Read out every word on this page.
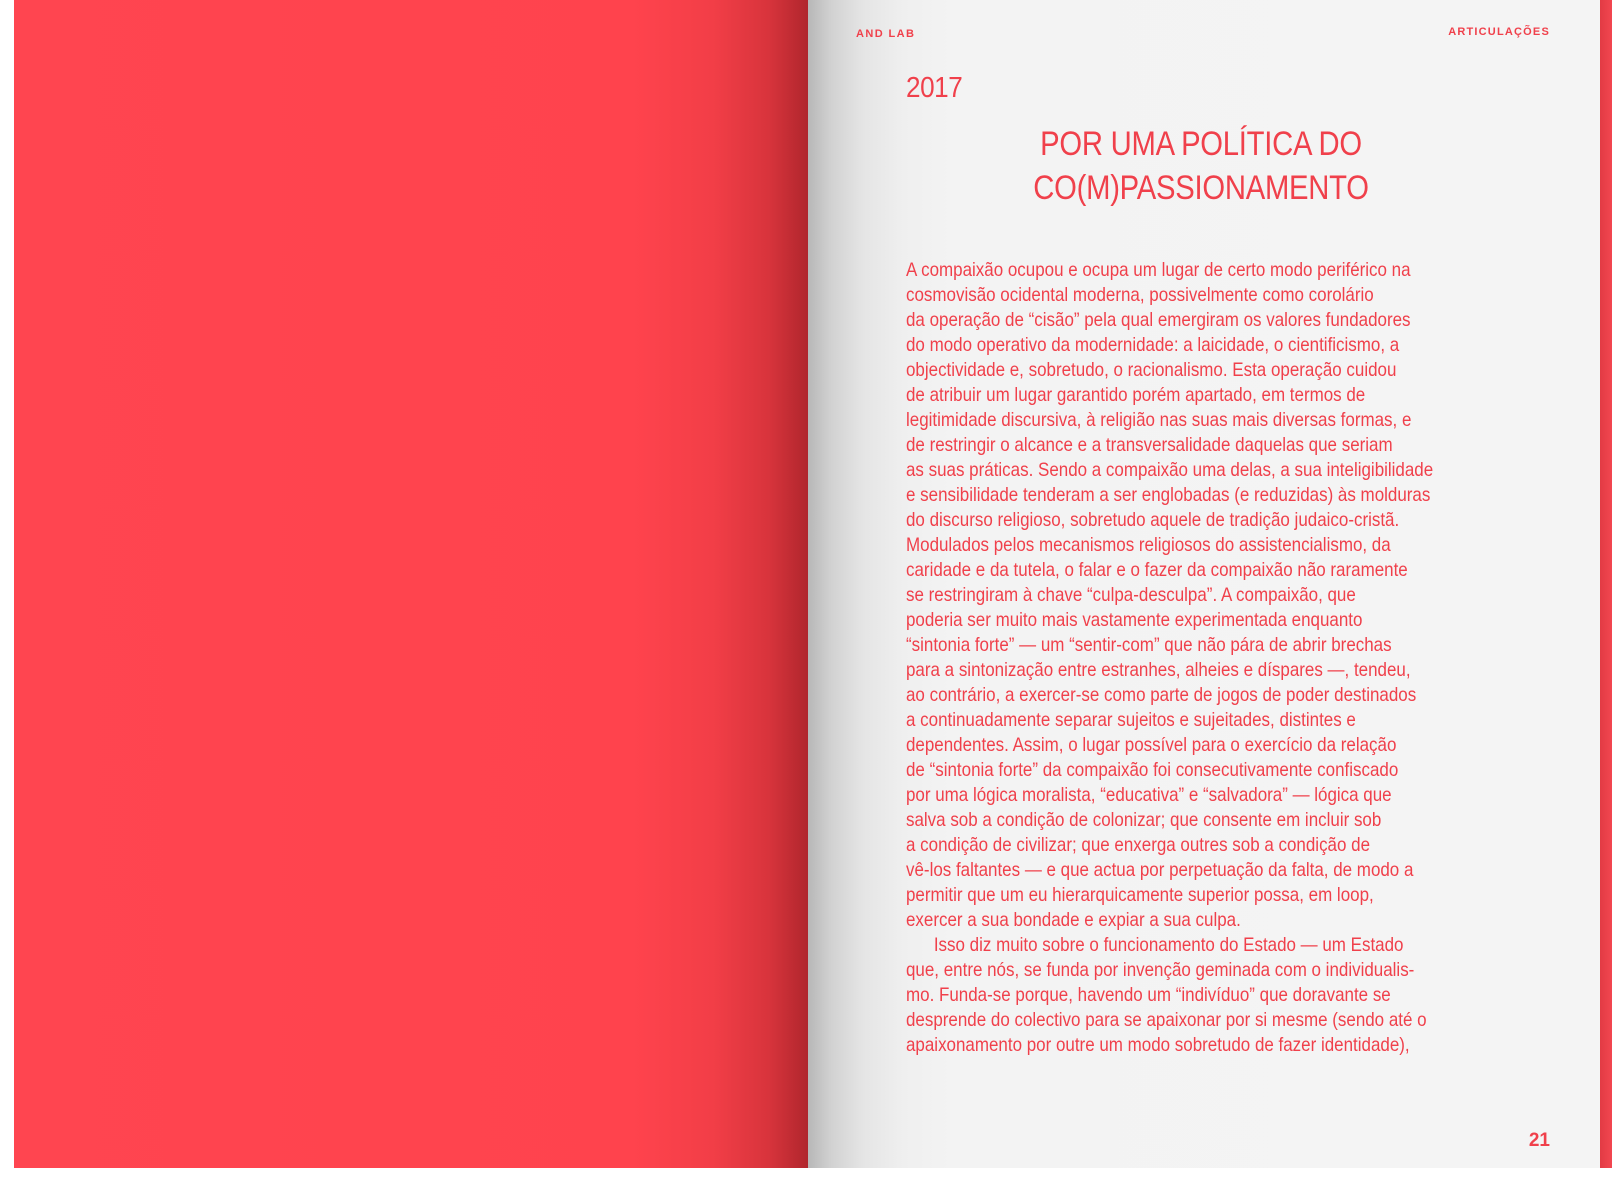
AND LAB	ARTICULAÇÕES
2017
POR UMA POLÍTICA DO
CO(M)PASSIONAMENTO
A compaixão ocupou e ocupa um lugar de certo modo periférico na
cosmovisão ocidental moderna, possivelmente como corolário
da operação de “cisão” pela qual emergiram os valores fundadores
do modo operativo da modernidade: a laicidade, o cientificismo, a
objectividade e, sobretudo, o racionalismo. Esta operação cuidou
de atribuir um lugar garantido porém apartado, em termos de
legitimidade discursiva, à religião nas suas mais diversas formas, e
de restringir o alcance e a transversalidade daquelas que seriam
as suas práticas. Sendo a compaixão uma delas, a sua inteligibilidade
e sensibilidade tenderam a ser englobadas (e reduzidas) às molduras
do discurso religioso, sobretudo aquele de tradição judaico-cristã.
Modulados pelos mecanismos religiosos do assistencialismo, da
caridade e da tutela, o falar e o fazer da compaixão não raramente
se restringiram à chave “culpa-desculpa”. A compaixão, que
poderia ser muito mais vastamente experimentada enquanto
“sintonia forte” — um “sentir-com” que não pára de abrir brechas
para a sintonização entre estranhes, alheies e díspares —, tendeu,
ao contrário, a exercer-se como parte de jogos de poder destinados
a continuadamente separar sujeitos e sujeitades, distintes e
dependentes. Assim, o lugar possível para o exercício da relação
de “sintonia forte” da compaixão foi consecutivamente confiscado
por uma lógica moralista, “educativa” e “salvadora” — lógica que
salva sob a condição de colonizar; que consente em incluir sob
a condição de civilizar; que enxerga outres sob a condição de
vê-los faltantes — e que actua por perpetuação da falta, de modo a
permitir que um eu hierarquicamente superior possa, em loop,
exercer a sua bondade e expiar a sua culpa.
Isso diz muito sobre o funcionamento do Estado — um Estado
que, entre nós, se funda por invenção geminada com o individualis-
mo. Funda-se porque, havendo um “indivíduo” que doravante se
desprende do colectivo para se apaixonar por si mesme (sendo até o
apaixonamento por outre um modo sobretudo de fazer identidade),
21
